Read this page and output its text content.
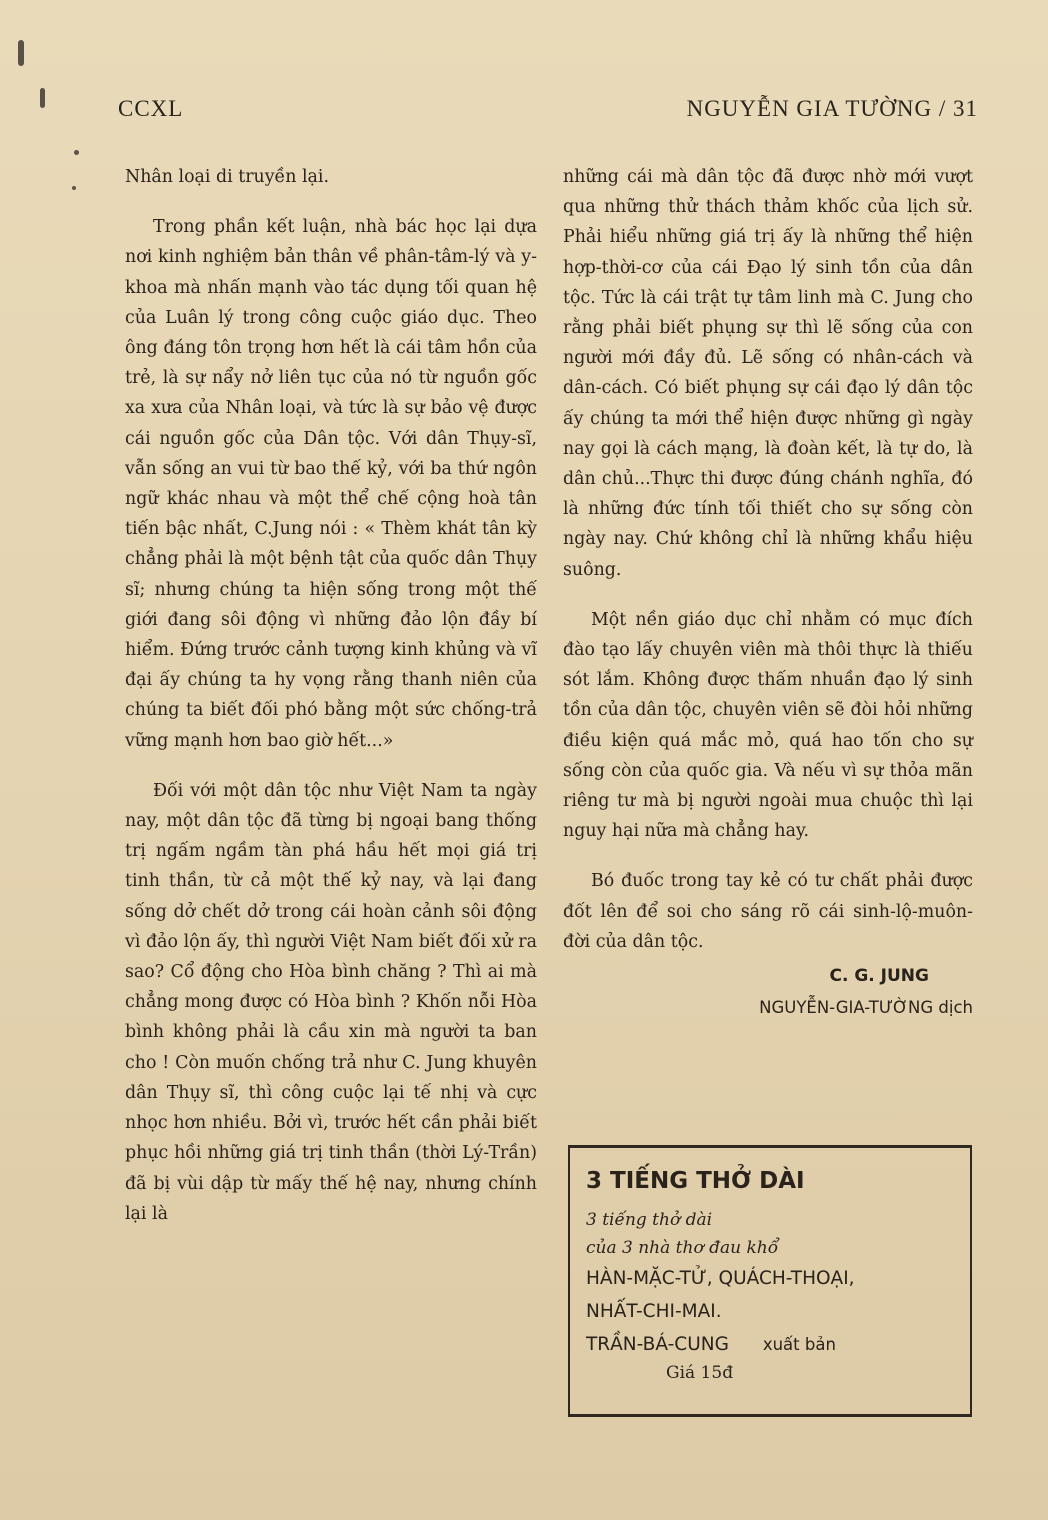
CCXL	NGUYỄN GIA TƯỜNG / 31

Nhân loại di truyền lại.

Trong phần kết luận, nhà bác học lại dựa nơi kinh nghiệm bản thân về phân-tâm-lý và y-khoa mà nhấn mạnh vào tác dụng tối quan hệ của Luân lý trong công cuộc giáo dục. Theo ông đáng tôn trọng hơn hết là cái tâm hồn của trẻ, là sự nẩy nở liên tục của nó từ nguồn gốc xa xưa của Nhân loại, và tức là sự bảo vệ được cái nguồn gốc của Dân tộc. Với dân Thụy-sĩ, vẫn sống an vui từ bao thế kỷ, với ba thứ ngôn ngữ khác nhau và một thể chế cộng hoà tân tiến bậc nhất, C.Jung nói : « Thèm khát tân kỳ chẳng phải là một bệnh tật của quốc dân Thụy sĩ; nhưng chúng ta hiện sống trong một thế giới đang sôi động vì những đảo lộn đầy bí hiểm. Đứng trước cảnh tượng kinh khủng và vĩ đại ấy chúng ta hy vọng rằng thanh niên của chúng ta biết đối phó bằng một sức chống-trả vững mạnh hơn bao giờ hết...»

Đối với một dân tộc như Việt Nam ta ngày nay, một dân tộc đã từng bị ngoại bang thống trị ngấm ngầm tàn phá hầu hết mọi giá trị tinh thần, từ cả một thế kỷ nay, và lại đang sống dở chết dở trong cái hoàn cảnh sôi động vì đảo lộn ấy, thì người Việt Nam biết đối xử ra sao? Cổ động cho Hòa bình chăng ? Thì ai mà chẳng mong được có Hòa bình ? Khốn nỗi Hòa bình không phải là cầu xin mà người ta ban cho ! Còn muốn chống trả như C. Jung khuyên dân Thụy sĩ, thì công cuộc lại tế nhị và cực nhọc hơn nhiều. Bởi vì, trước hết cần phải biết phục hồi những giá trị tinh thần (thời Lý-Trần) đã bị vùi dập từ mấy thế hệ nay, nhưng chính lại là

những cái mà dân tộc đã được nhờ mới vượt qua những thử thách thảm khốc của lịch sử. Phải hiểu những giá trị ấy là những thể hiện hợp-thời-cơ của cái Đạo lý sinh tồn của dân tộc. Tức là cái trật tự tâm linh mà C. Jung cho rằng phải biết phụng sự thì lẽ sống của con người mới đầy đủ. Lẽ sống có nhân-cách và dân-cách. Có biết phụng sự cái đạo lý dân tộc ấy chúng ta mới thể hiện được những gì ngày nay gọi là cách mạng, là đoàn kết, là tự do, là dân chủ...Thực thi được đúng chánh nghĩa, đó là những đức tính tối thiết cho sự sống còn ngày nay. Chứ không chỉ là những khẩu hiệu suông.

Một nền giáo dục chỉ nhằm có mục đích đào tạo lấy chuyên viên mà thôi thực là thiếu sót lắm. Không được thấm nhuần đạo lý sinh tồn của dân tộc, chuyên viên sẽ đòi hỏi những điều kiện quá mắc mỏ, quá hao tốn cho sự sống còn của quốc gia. Và nếu vì sự thỏa mãn riêng tư mà bị người ngoài mua chuộc thì lại nguy hại nữa mà chẳng hay.

Bó đuốc trong tay kẻ có tư chất phải được đốt lên để soi cho sáng rõ cái sinh-lộ-muôn-đời của dân tộc.

C. G. JUNG
NGUYỄN-GIA-TƯỜNG dịch
3 TIẾNG THỞ DÀI
3 tiếng thở dài
của 3 nhà thơ đau khổ
HÀN-MẶC-TỬ, QUÁCH-THOẠI,
NHẤT-CHI-MAI.
TRẦN-BÁ-CUNG xuất bản
Giá 15đ
